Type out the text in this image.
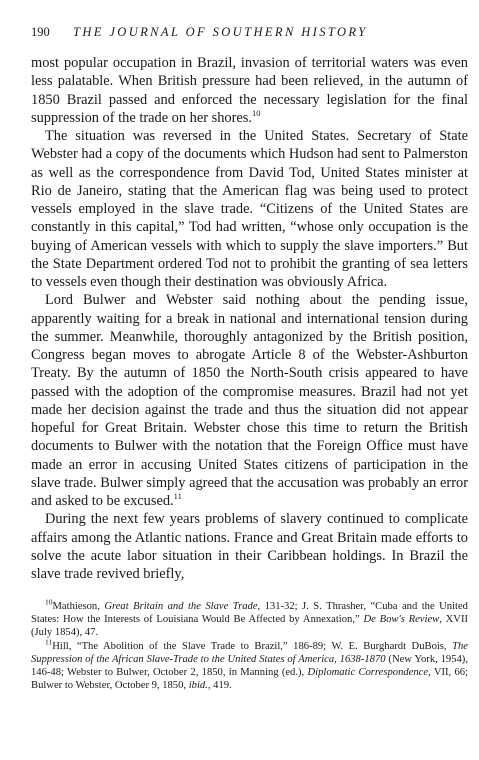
190	THE JOURNAL OF SOUTHERN HISTORY

most popular occupation in Brazil, invasion of territorial waters was even less palatable. When British pressure had been relieved, in the autumn of 1850 Brazil passed and enforced the necessary legislation for the final suppression of the trade on her shores.$^{10}$

The situation was reversed in the United States. Secretary of State Webster had a copy of the documents which Hudson had sent to Palmerston as well as the correspondence from David Tod, United States minister at Rio de Janeiro, stating that the American flag was being used to protect vessels employed in the slave trade. “Citizens of the United States are constantly in this capital,” Tod had written, “whose only occupation is the buying of American vessels with which to supply the slave importers.” But the State Department ordered Tod not to prohibit the granting of sea letters to vessels even though their destination was obviously Africa.

Lord Bulwer and Webster said nothing about the pending issue, apparently waiting for a break in national and international tension during the summer. Meanwhile, thoroughly antagonized by the British position, Congress began moves to abrogate Article 8 of the Webster-Ashburton Treaty. By the autumn of 1850 the North-South crisis appeared to have passed with the adoption of the compromise measures. Brazil had not yet made her decision against the trade and thus the situation did not appear hopeful for Great Britain. Webster chose this time to return the British documents to Bulwer with the notation that the Foreign Office must have made an error in accusing United States citizens of participation in the slave trade. Bulwer simply agreed that the accusation was probably an error and asked to be excused.$^{11}$

During the next few years problems of slavery continued to complicate affairs among the Atlantic nations. France and Great Britain made efforts to solve the acute labor situation in their Caribbean holdings. In Brazil the slave trade revived briefly,

$^{10}$Mathieson, Great Britain and the Slave Trade, 131-32; J. S. Thrasher, “Cuba and the United States: How the Interests of Louisiana Would Be Affected by Annexation,” De Bow's Review, XVII (July 1854), 47.

$^{11}$Hill, “The Abolition of the Slave Trade to Brazil,” 186-89; W. E. Burghardt DuBois, The Suppression of the African Slave-Trade to the United States of America, 1638-1870 (New York, 1954), 146-48; Webster to Bulwer, October 2, 1850, in Manning (ed.), Diplomatic Correspondence, VII, 66; Bulwer to Webster, October 9, 1850, ibid., 419.
